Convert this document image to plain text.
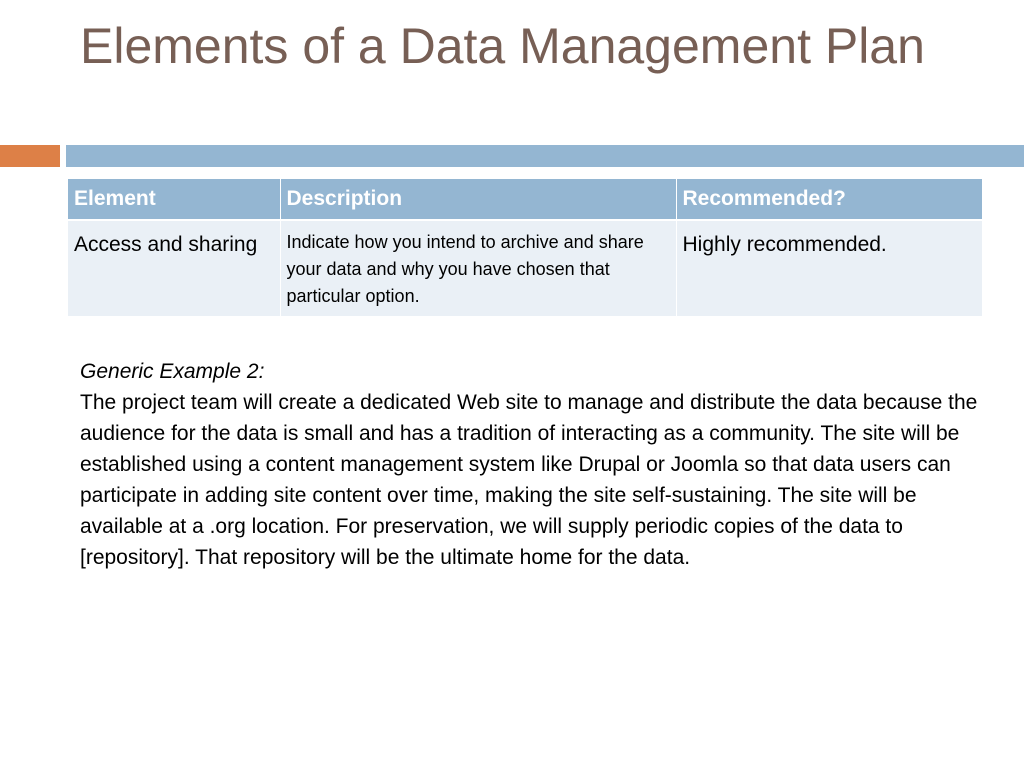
Elements of a Data Management Plan
Element	Description	Recommended?
Access and sharing	Indicate how you intend to archive and share your data and why you have chosen that particular option.	Highly recommended.

Generic Example 2:

The project team will create a dedicated Web site to manage and distribute the data because the audience for the data is small and has a tradition of interacting as a community. The site will be established using a content management system like Drupal or Joomla so that data users can participate in adding site content over time, making the site self-sustaining. The site will be available at a .org location. For preservation, we will supply periodic copies of the data to [repository]. That repository will be the ultimate home for the data.
